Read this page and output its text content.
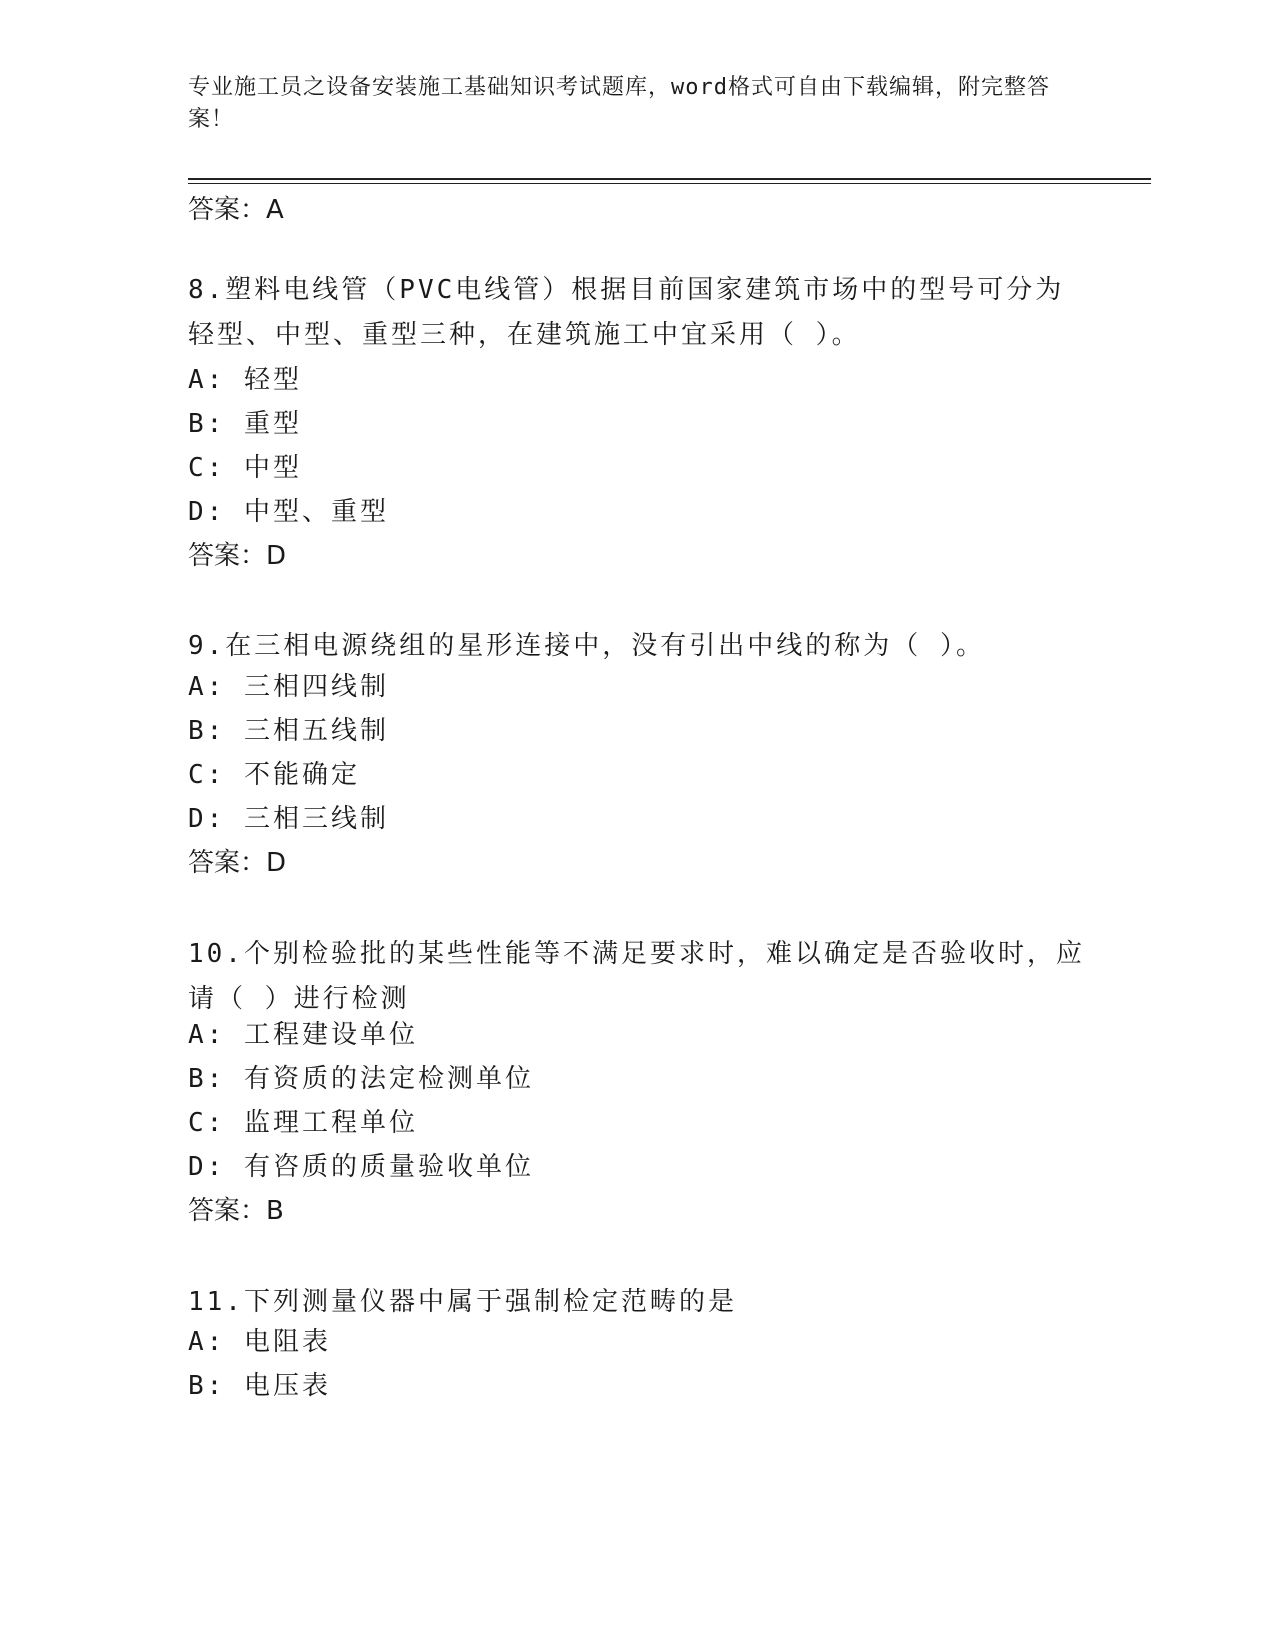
专业施工员之设备安装施工基础知识考试题库，word格式可自由下载编辑，附完整答案！
答案：A
8.塑料电线管（PVC电线管）根据目前国家建筑市场中的型号可分为轻型、中型、重型三种，在建筑施工中宜采用（ ）。
A: 轻型
B: 重型
C: 中型
D: 中型、重型
答案：D
9.在三相电源绕组的星形连接中，没有引出中线的称为（ ）。
A: 三相四线制
B: 三相五线制
C: 不能确定
D: 三相三线制
答案：D
10.个别检验批的某些性能等不满足要求时，难以确定是否验收时，应请（ ）进行检测
A: 工程建设单位
B: 有资质的法定检测单位
C: 监理工程单位
D: 有咨质的质量验收单位
答案：B
11.下列测量仪器中属于强制检定范畴的是
A: 电阻表
B: 电压表
